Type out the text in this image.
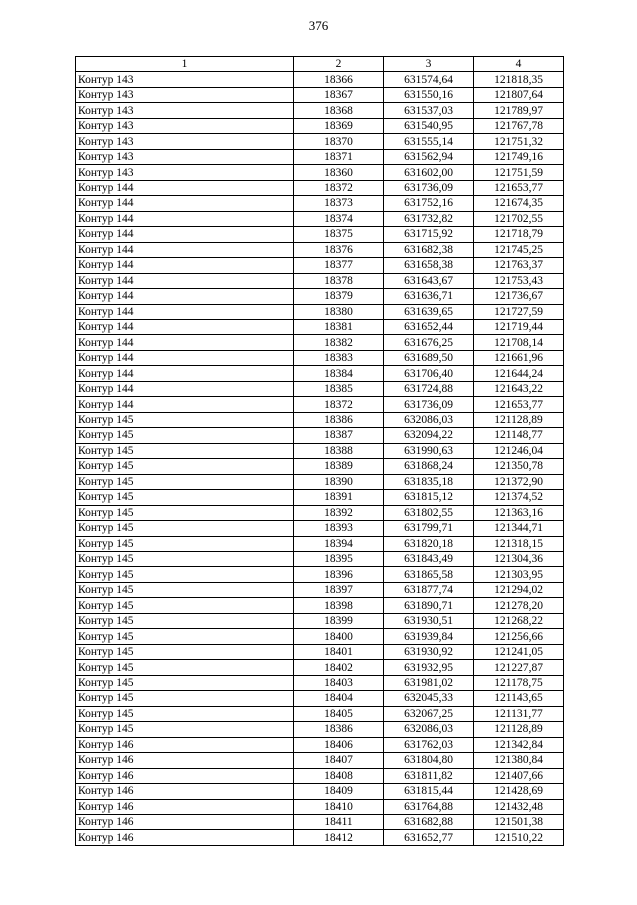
376
1	2	3	4
Контур 143	18366	631574,64	121818,35
Контур 143	18367	631550,16	121807,64
Контур 143	18368	631537,03	121789,97
Контур 143	18369	631540,95	121767,78
Контур 143	18370	631555,14	121751,32
Контур 143	18371	631562,94	121749,16
Контур 143	18360	631602,00	121751,59
Контур 144	18372	631736,09	121653,77
Контур 144	18373	631752,16	121674,35
Контур 144	18374	631732,82	121702,55
Контур 144	18375	631715,92	121718,79
Контур 144	18376	631682,38	121745,25
Контур 144	18377	631658,38	121763,37
Контур 144	18378	631643,67	121753,43
Контур 144	18379	631636,71	121736,67
Контур 144	18380	631639,65	121727,59
Контур 144	18381	631652,44	121719,44
Контур 144	18382	631676,25	121708,14
Контур 144	18383	631689,50	121661,96
Контур 144	18384	631706,40	121644,24
Контур 144	18385	631724,88	121643,22
Контур 144	18372	631736,09	121653,77
Контур 145	18386	632086,03	121128,89
Контур 145	18387	632094,22	121148,77
Контур 145	18388	631990,63	121246,04
Контур 145	18389	631868,24	121350,78
Контур 145	18390	631835,18	121372,90
Контур 145	18391	631815,12	121374,52
Контур 145	18392	631802,55	121363,16
Контур 145	18393	631799,71	121344,71
Контур 145	18394	631820,18	121318,15
Контур 145	18395	631843,49	121304,36
Контур 145	18396	631865,58	121303,95
Контур 145	18397	631877,74	121294,02
Контур 145	18398	631890,71	121278,20
Контур 145	18399	631930,51	121268,22
Контур 145	18400	631939,84	121256,66
Контур 145	18401	631930,92	121241,05
Контур 145	18402	631932,95	121227,87
Контур 145	18403	631981,02	121178,75
Контур 145	18404	632045,33	121143,65
Контур 145	18405	632067,25	121131,77
Контур 145	18386	632086,03	121128,89
Контур 146	18406	631762,03	121342,84
Контур 146	18407	631804,80	121380,84
Контур 146	18408	631811,82	121407,66
Контур 146	18409	631815,44	121428,69
Контур 146	18410	631764,88	121432,48
Контур 146	18411	631682,88	121501,38
Контур 146	18412	631652,77	121510,22
